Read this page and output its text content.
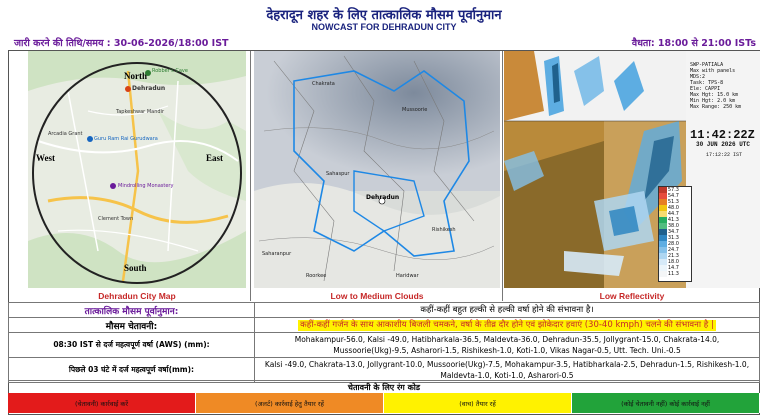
देहरादून शहर के लिए तात्कालिक मौसम पूर्वानुमान
NOWCAST FOR DEHRADUN CITY
जारी करने की तिथि/समय : 30-06-2026/18:00 IST	वैधता: 18:00 से 21:00 ISTs
North
South
East
West
Robber's Cave
Dehradun
Tapkeshwar Mandir
Guru Ram Rai Gurudwara
Mindrolling Monastery
Clement Town
Arcadia Grant
Dehradun City Map
Chakrata
Mussoorie
Dehradun
Sahaspur
Rishikesh
Roorkee	Haridwar
Saharanpur
Low to Medium Clouds
SWP-PATIALA
Max with panels
MDS:2
Task: TPS-8
Ele: CAPPI
Max Hgt: 15.0 km
Min Hgt: 2.0 km
Max Range: 250 km
11:42:22Z
30 JUN 2026 UTC
17:12:22 IST
57.3
54.7
51.3
48.0
44.7
41.3
38.0
34.7
31.3
28.0
24.7
21.3
18.0
14.7
11.3
Low Reflectivity
तात्कालिक मौसम पूर्वानुमान:	कहीं-कहीं बहुत हल्की से हल्की वर्षा होने की संभावना है।
मौसम चेतावनी:	कहीं-कहीं गर्जन के साथ आकाशीय बिजली चमकने, वर्षा के तीव्र दौर होने एवं झोकेदार हवाएं (30-40 kmph) चलने की संभावना है |
08:30 IST से दर्ज महत्वपूर्ण वर्षा (AWS) (mm):	Mohakampur-56.0, Kalsi -49.0, Hatibharkala-36.5, Maldevta-36.0, Dehradun-35.5, Jollygrant-15.0, Chakrata-14.0, Mussoorie(Ukg)-9.5, Asharori-1.5, Rishikesh-1.0, Koti-1.0, Vikas Nagar-0.5, Utt. Tech. Uni.-0.5
पिछले 03 घंटे में दर्ज महत्वपूर्ण वर्षा(mm):	Kalsi -49.0, Chakrata-13.0, Jollygrant-10.0, Mussoorie(Ukg)-7.5, Mohakampur-3.5, Hatibharkala-2.5, Dehradun-1.5, Rishikesh-1.0, Maldevta-1.0, Koti-1.0, Asharori-0.5
चेतावनी के लिए रंग कोड
(चेतावनी) कार्रवाई करें	(अलर्ट) कार्रवाई हेतु तैयार रहें	(वाच) तैयार रहें	(कोई चेतावनी नहीं) कोई कार्रवाई नहीं
